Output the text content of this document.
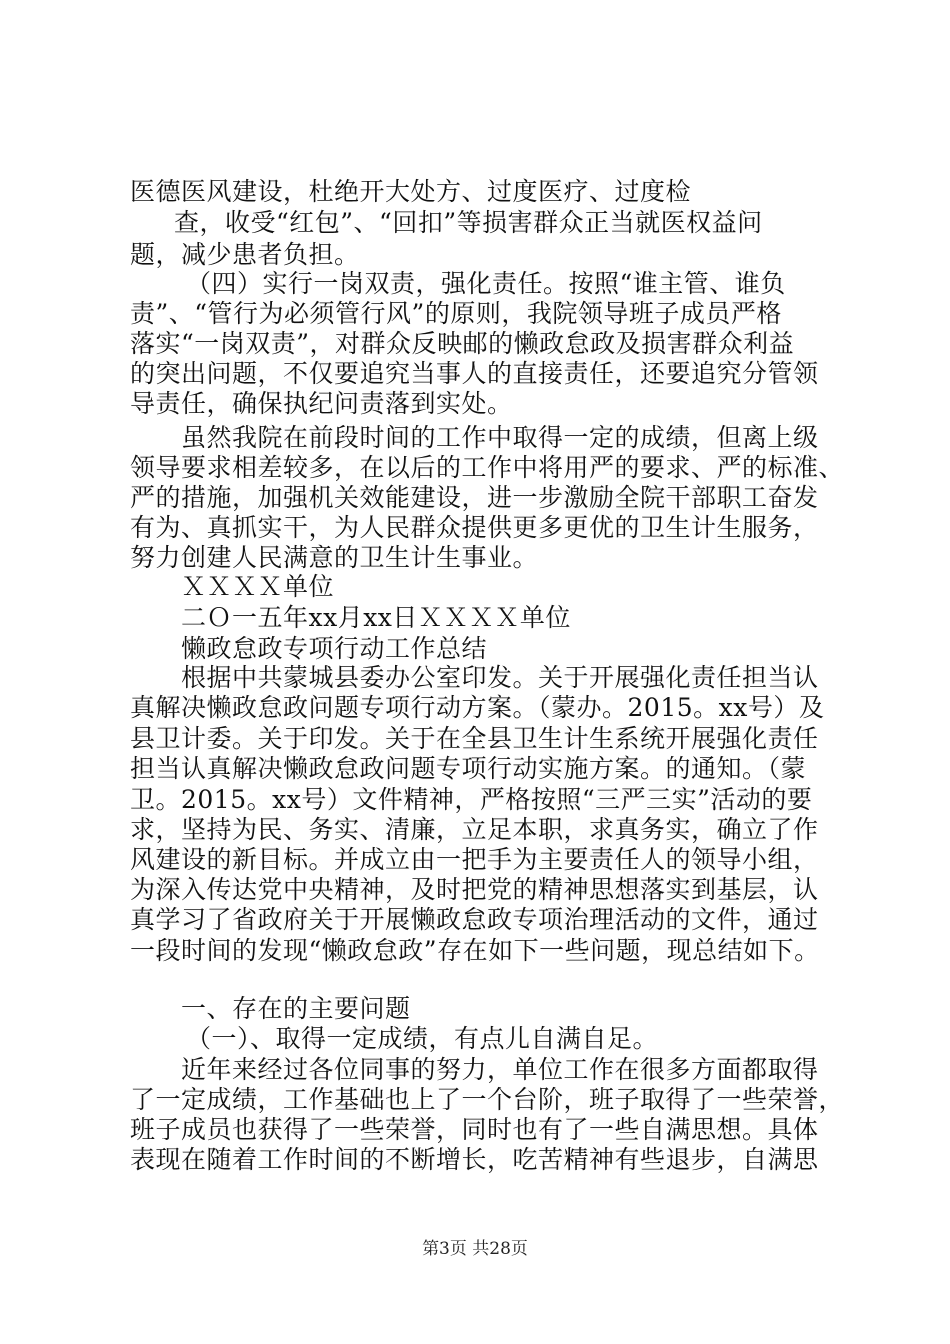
医德医风建设，杜绝开大处方、过度医疗、过度检
查，收受“红包”、“回扣”等损害群众正当就医权益问
题，减少患者负担。
（四）实行一岗双责，强化责任。按照“谁主管、谁负
责”、“管行为必须管行风”的原则，我院领导班子成员严格
落实“一岗双责”，对群众反映邮的懒政怠政及损害群众利益
的突出问题，不仅要追究当事人的直接责任，还要追究分管领
导责任，确保执纪问责落到实处。
虽然我院在前段时间的工作中取得一定的成绩，但离上级
领导要求相差较多，在以后的工作中将用严的要求、严的标准、
严的措施，加强机关效能建设，进一步激励全院干部职工奋发
有为、真抓实干，为人民群众提供更多更优的卫生计生服务，
努力创建人民满意的卫生计生事业。
ＸＸＸＸ单位
二Ｏ一五年xx月xx日ＸＸＸＸ单位
懒政怠政专项行动工作总结
根据中共蒙城县委办公室印发。关于开展强化责任担当认
真解决懒政怠政问题专项行动方案。（蒙办。2015。xx号）及
县卫计委。关于印发。关于在全县卫生计生系统开展强化责任
担当认真解决懒政怠政问题专项行动实施方案。的通知。（蒙
卫。2015。xx号）文件精神，严格按照“三严三实”活动的要
求，坚持为民、务实、清廉，立足本职，求真务实，确立了作
风建设的新目标。并成立由一把手为主要责任人的领导小组，
为深入传达党中央精神，及时把党的精神思想落实到基层，认
真学习了省政府关于开展懒政怠政专项治理活动的文件，通过
一段时间的发现“懒政怠政”存在如下一些问题，现总结如下。
一、存在的主要问题
（一）、取得一定成绩，有点儿自满自足。
近年来经过各位同事的努力，单位工作在很多方面都取得
了一定成绩，工作基础也上了一个台阶，班子取得了一些荣誉，
班子成员也获得了一些荣誉，同时也有了一些自满思想。具体
表现在随着工作时间的不断增长，吃苦精神有些退步，自满思
第3页 共28页
